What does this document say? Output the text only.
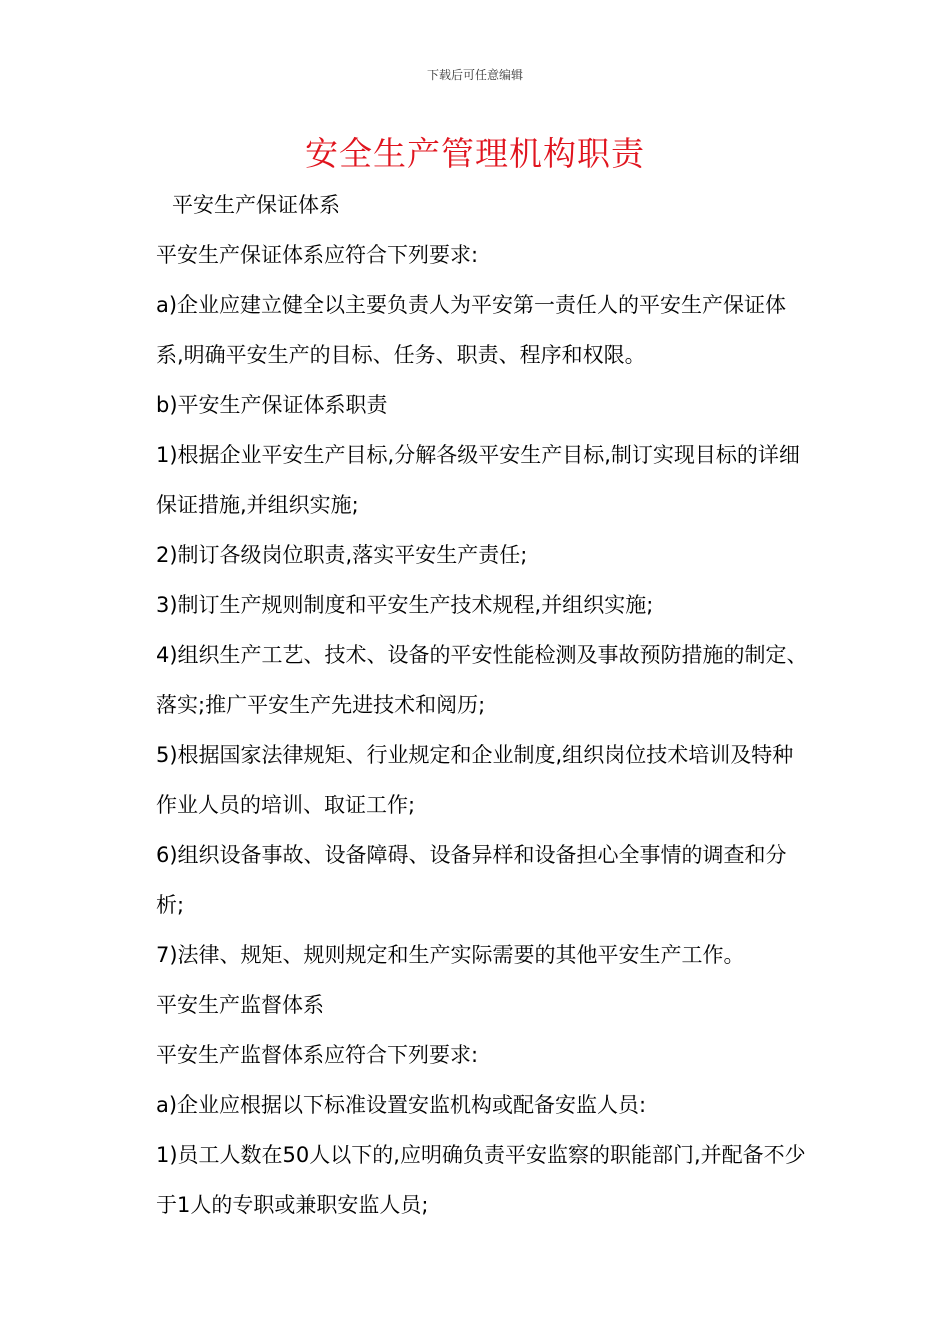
下载后可任意编辑
安全生产管理机构职责

平安生产保证体系

平安生产保证体系应符合下列要求:

a)企业应建立健全以主要负责人为平安第一责任人的平安生产保证体系,明确平安生产的目标、任务、职责、程序和权限。

b)平安生产保证体系职责

1)根据企业平安生产目标,分解各级平安生产目标,制订实现目标的详细保证措施,并组织实施;

2)制订各级岗位职责,落实平安生产责任;

3)制订生产规则制度和平安生产技术规程,并组织实施;

4)组织生产工艺、技术、设备的平安性能检测及事故预防措施的制定、落实;推广平安生产先进技术和阅历;

5)根据国家法律规矩、行业规定和企业制度,组织岗位技术培训及特种作业人员的培训、取证工作;

6)组织设备事故、设备障碍、设备异样和设备担心全事情的调查和分析;

7)法律、规矩、规则规定和生产实际需要的其他平安生产工作。

平安生产监督体系

平安生产监督体系应符合下列要求:

a)企业应根据以下标准设置安监机构或配备安监人员:

1)员工人数在50人以下的,应明确负责平安监察的职能部门,并配备不少于1人的专职或兼职安监人员;
